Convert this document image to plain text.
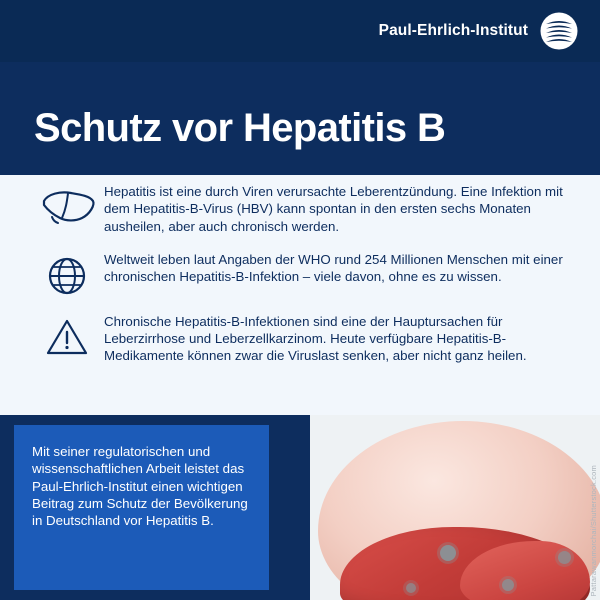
Paul-Ehrlich-Institut
Schutz vor Hepatitis B
Hepatitis ist eine durch Viren verursachte Leberentzündung. Eine Infektion mit dem Hepatitis-B-Virus (HBV) kann spontan in den ersten sechs Monaten ausheilen, aber auch chronisch werden.
Weltweit leben laut Angaben der WHO rund 254 Millionen Menschen mit einer chronischen Hepatitis-B-Infektion – viele davon, ohne es zu wissen.
Chronische Hepatitis-B-Infektionen sind eine der Hauptursachen für Leberzirrhose und Leberzellkarzinom. Heute verfügbare Hepatitis-B-Medikamente können zwar die Viruslast senken, aber nicht ganz heilen.
Mit seiner regulatorischen und wissenschaftlichen Arbeit leistet das Paul-Ehrlich-Institut einen wichtigen Beitrag zum Schutz der Bevölkerung in Deutschland vor Hepatitis B.	Pattarawanmorchai/Shutterstock.com
